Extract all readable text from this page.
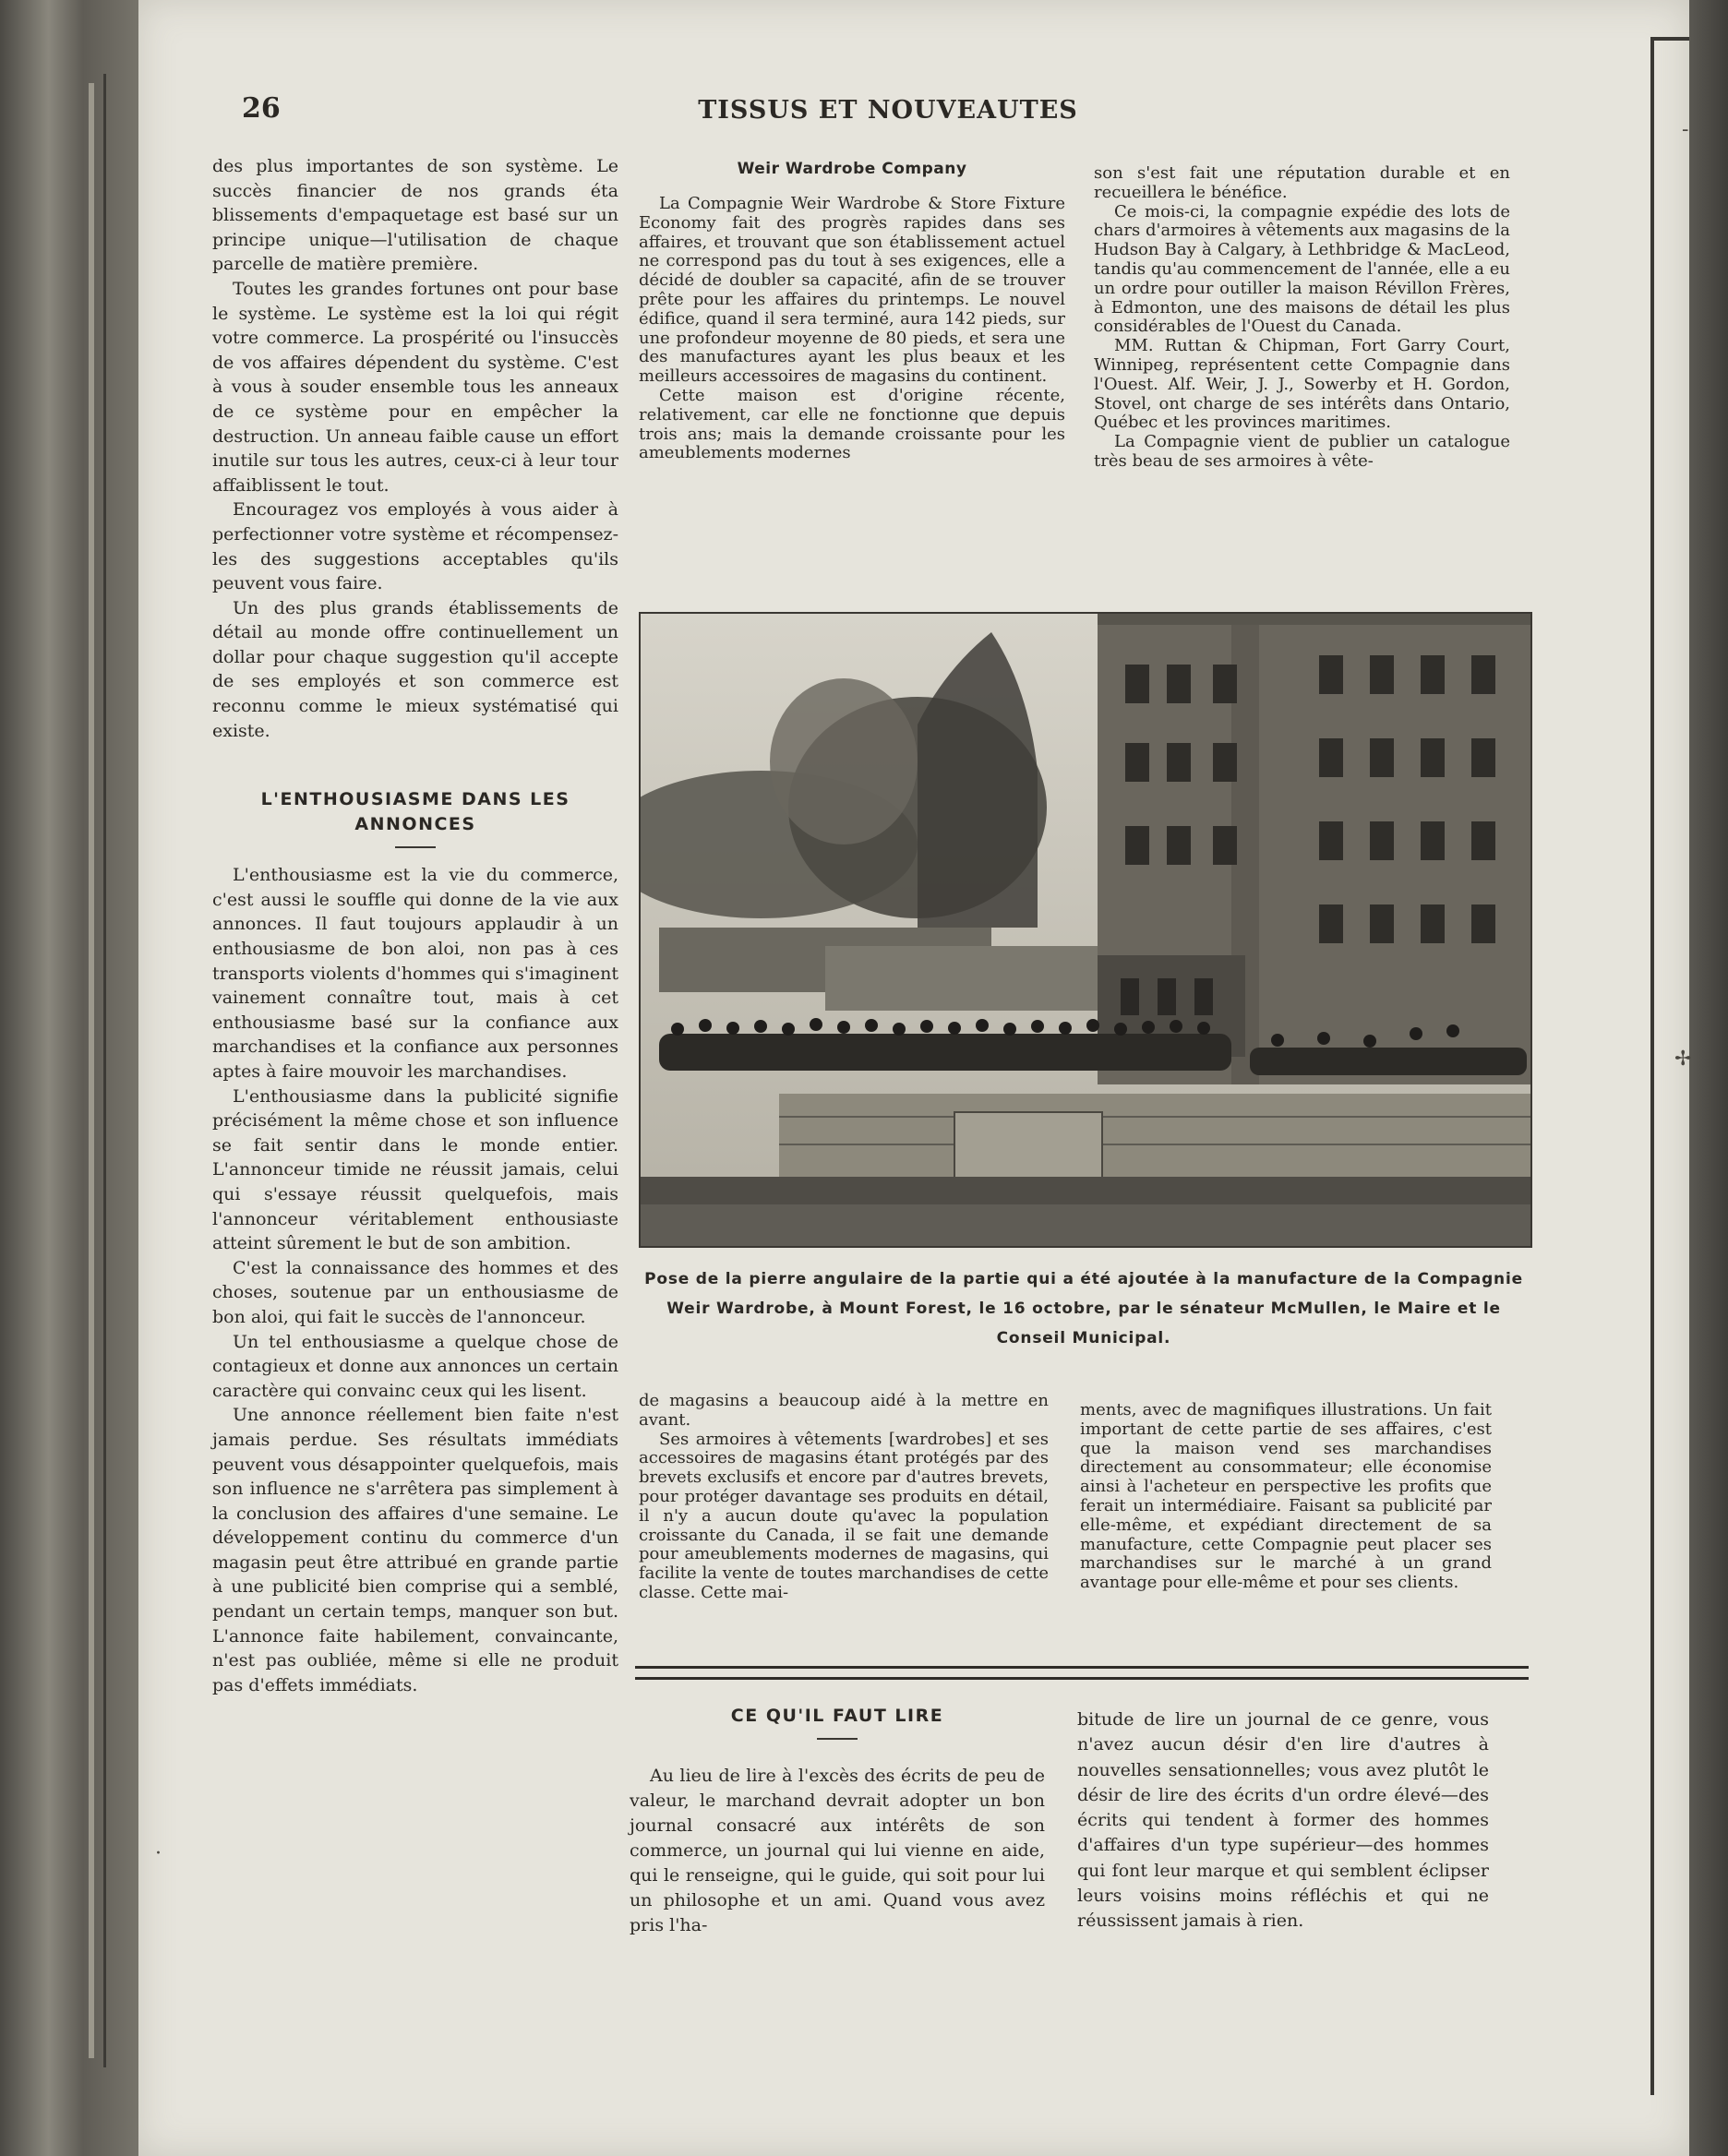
-
✢
·
26	TISSUS ET NOUVEAUTES

des plus importantes de son système. Le succès financier de nos grands éta blissements d'empaquetage est basé sur un principe unique—l'utilisation de chaque parcelle de matière première.

Toutes les grandes fortunes ont pour base le système. Le système est la loi qui régit votre commerce. La prospérité ou l'insuccès de vos affaires dépendent du système. C'est à vous à souder ensemble tous les anneaux de ce système pour en empêcher la destruction. Un anneau faible cause un effort inutile sur tous les autres, ceux-ci à leur tour affaiblissent le tout.

Encouragez vos employés à vous aider à perfectionner votre système et récompensez-les des suggestions acceptables qu'ils peuvent vous faire.

Un des plus grands établissements de détail au monde offre continuellement un dollar pour chaque suggestion qu'il accepte de ses employés et son commerce est reconnu comme le mieux systématisé qui existe.

L'ENTHOUSIASME DANS LES ANNONCES

L'enthousiasme est la vie du commerce, c'est aussi le souffle qui donne de la vie aux annonces. Il faut toujours applaudir à un enthousiasme de bon aloi, non pas à ces transports violents d'hommes qui s'imaginent vainement connaître tout, mais à cet enthousiasme basé sur la confiance aux marchandises et la confiance aux personnes aptes à faire mouvoir les marchandises.

L'enthousiasme dans la publicité signifie précisément la même chose et son influence se fait sentir dans le monde entier. L'annonceur timide ne réussit jamais, celui qui s'essaye réussit quelquefois, mais l'annonceur véritablement enthousiaste atteint sûrement le but de son ambition.

C'est la connaissance des hommes et des choses, soutenue par un enthousiasme de bon aloi, qui fait le succès de l'annonceur.

Un tel enthousiasme a quelque chose de contagieux et donne aux annonces un certain caractère qui convainc ceux qui les lisent.

Une annonce réellement bien faite n'est jamais perdue. Ses résultats immédiats peuvent vous désappointer quelquefois, mais son influence ne s'arrêtera pas simplement à la conclusion des affaires d'une semaine. Le développement continu du commerce d'un magasin peut être attribué en grande partie à une publicité bien comprise qui a semblé, pendant un certain temps, manquer son but. L'annonce faite habilement, convaincante, n'est pas oubliée, même si elle ne produit pas d'effets immédiats.

Weir Wardrobe Company

La Compagnie Weir Wardrobe & Store Fixture Economy fait des progrès rapides dans ses affaires, et trouvant que son établissement actuel ne correspond pas du tout à ses exigences, elle a décidé de doubler sa capacité, afin de se trouver prête pour les affaires du printemps. Le nouvel édifice, quand il sera terminé, aura 142 pieds, sur une profondeur moyenne de 80 pieds, et sera une des manufactures ayant les plus beaux et les meilleurs accessoires de magasins du continent.

Cette maison est d'origine récente, relativement, car elle ne fonctionne que depuis trois ans; mais la demande croissante pour les ameublements modernes

son s'est fait une réputation durable et en recueillera le bénéfice.

Ce mois-ci, la compagnie expédie des lots de chars d'armoires à vêtements aux magasins de la Hudson Bay à Calgary, à Lethbridge & MacLeod, tandis qu'au commencement de l'année, elle a eu un ordre pour outiller la maison Révillon Frères, à Edmonton, une des maisons de détail les plus considérables de l'Ouest du Canada.

MM. Ruttan & Chipman, Fort Garry Court, Winnipeg, représentent cette Compagnie dans l'Ouest. Alf. Weir, J. J., Sowerby et H. Gordon, Stovel, ont charge de ses intérêts dans Ontario, Québec et les provinces maritimes.

La Compagnie vient de publier un catalogue très beau de ses armoires à vête-

Pose de la pierre angulaire de la partie qui a été ajoutée à la manufacture de la Compagnie Weir Wardrobe, à Mount Forest, le 16 octobre, par le sénateur McMullen, le Maire et le Conseil Municipal.

de magasins a beaucoup aidé à la mettre en avant.

Ses armoires à vêtements [wardrobes] et ses accessoires de magasins étant protégés par des brevets exclusifs et encore par d'autres brevets, pour protéger davantage ses produits en détail, il n'y a aucun doute qu'avec la population croissante du Canada, il se fait une demande pour ameublements modernes de magasins, qui facilite la vente de toutes marchandises de cette classe. Cette mai-

ments, avec de magnifiques illustrations. Un fait important de cette partie de ses affaires, c'est que la maison vend ses marchandises directement au consommateur; elle économise ainsi à l'acheteur en perspective les profits que ferait un intermédiaire. Faisant sa publicité par elle-même, et expédiant directement de sa manufacture, cette Compagnie peut placer ses marchandises sur le marché à un grand avantage pour elle-même et pour ses clients.

CE QU'IL FAUT LIRE

Au lieu de lire à l'excès des écrits de peu de valeur, le marchand devrait adopter un bon journal consacré aux intérêts de son commerce, un journal qui lui vienne en aide, qui le renseigne, qui le guide, qui soit pour lui un philosophe et un ami. Quand vous avez pris l'ha-

bitude de lire un journal de ce genre, vous n'avez aucun désir d'en lire d'autres à nouvelles sensationnelles; vous avez plutôt le désir de lire des écrits d'un ordre élevé—des écrits qui tendent à former des hommes d'affaires d'un type supérieur—des hommes qui font leur marque et qui semblent éclipser leurs voisins moins réfléchis et qui ne réussissent jamais à rien.
